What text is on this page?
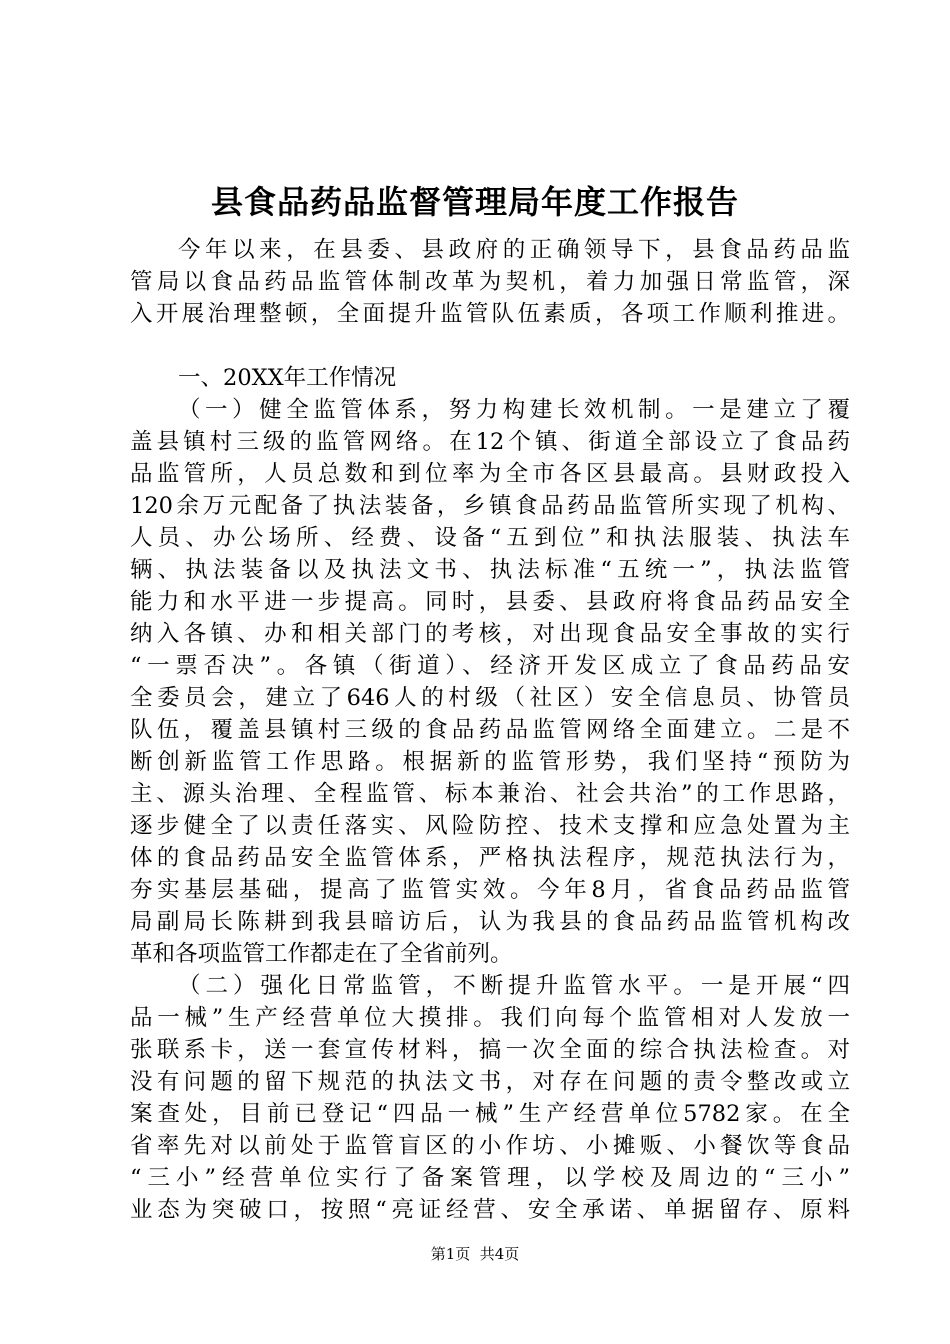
县食品药品监督管理局年度工作报告
今年以来，在县委、县政府的正确领导下，县食品药品监
管局以食品药品监管体制改革为契机，着力加强日常监管，深
入开展治理整顿，全面提升监管队伍素质，各项工作顺利推进。
一、20XX年工作情况
（一）健全监管体系，努力构建长效机制。一是建立了覆
盖县镇村三级的监管网络。在12个镇、街道全部设立了食品药
品监管所，人员总数和到位率为全市各区县最高。县财政投入
120余万元配备了执法装备，乡镇食品药品监管所实现了机构、
人员、办公场所、经费、设备“五到位”和执法服装、执法车
辆、执法装备以及执法文书、执法标准“五统一”，执法监管
能力和水平进一步提高。同时，县委、县政府将食品药品安全
纳入各镇、办和相关部门的考核，对出现食品安全事故的实行
“一票否决”。各镇（街道）、经济开发区成立了食品药品安
全委员会，建立了646人的村级（社区）安全信息员、协管员
队伍，覆盖县镇村三级的食品药品监管网络全面建立。二是不
断创新监管工作思路。根据新的监管形势，我们坚持“预防为
主、源头治理、全程监管、标本兼治、社会共治”的工作思路，
逐步健全了以责任落实、风险防控、技术支撑和应急处置为主
体的食品药品安全监管体系，严格执法程序，规范执法行为，
夯实基层基础，提高了监管实效。今年8月，省食品药品监管
局副局长陈耕到我县暗访后，认为我县的食品药品监管机构改
革和各项监管工作都走在了全省前列。
（二）强化日常监管，不断提升监管水平。一是开展“四
品一械”生产经营单位大摸排。我们向每个监管相对人发放一
张联系卡，送一套宣传材料，搞一次全面的综合执法检查。对
没有问题的留下规范的执法文书，对存在问题的责令整改或立
案查处，目前已登记“四品一械”生产经营单位5782家。在全
省率先对以前处于监管盲区的小作坊、小摊贩、小餐饮等食品
“三小”经营单位实行了备案管理，以学校及周边的“三小”
业态为突破口，按照“亮证经营、安全承诺、单据留存、原料
第1页  共4页
